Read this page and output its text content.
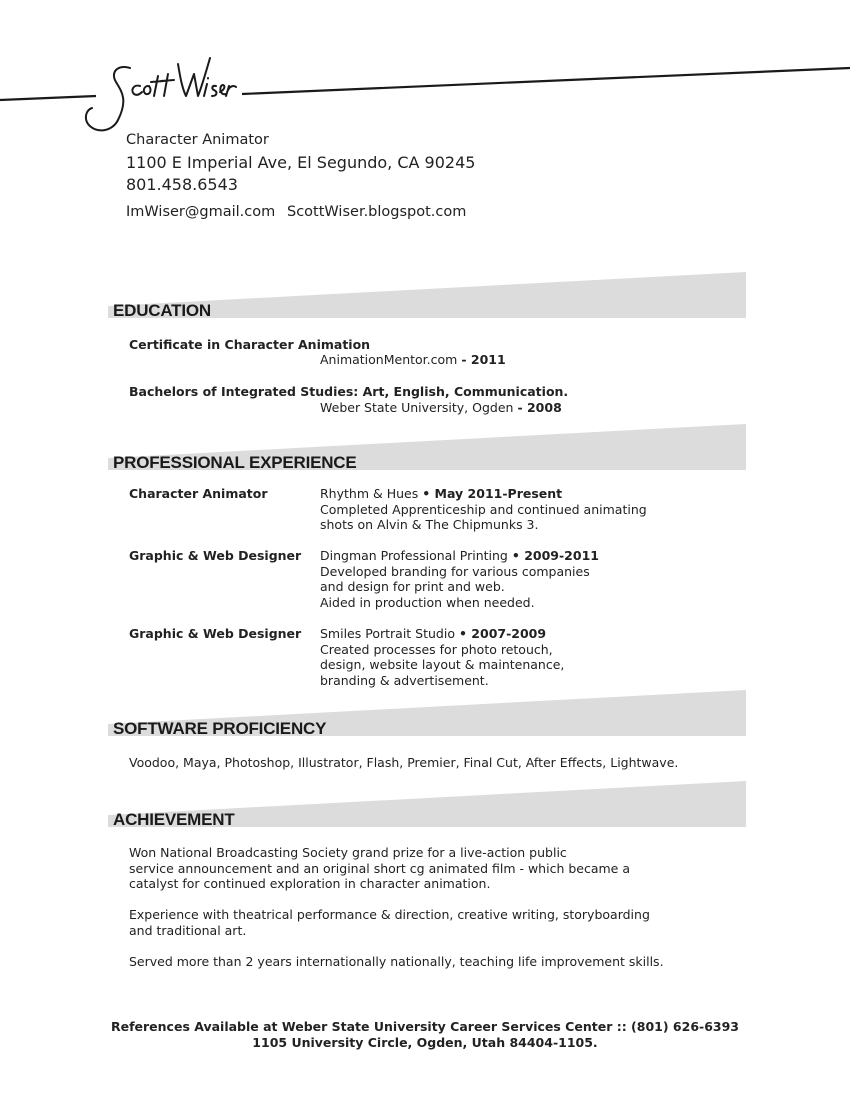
Character Animator
1100 E Imperial Ave, El Segundo, CA 90245
801.458.6543
ImWiser@gmail.com ScottWiser.blogspot.com
EDUCATION
Certificate in Character Animation
AnimationMentor.com - 2011
Bachelors of Integrated Studies: Art, English, Communication.
Weber State University, Ogden - 2008
PROFESSIONAL EXPERIENCE
Character Animator	Rhythm & Hues • May 2011-Present
Completed Apprenticeship and continued animating
shots on Alvin & The Chipmunks 3.
Graphic & Web Designer Dingman Professional Printing • 2009-2011
Developed branding for various companies
and design for print and web.
Aided in production when needed.
Graphic & Web Designer Smiles Portrait Studio • 2007-2009
Created processes for photo retouch,
design, website layout & maintenance,
branding & advertisement.
SOFTWARE PROFICIENCY
Voodoo, Maya, Photoshop, Illustrator, Flash, Premier, Final Cut, After Effects, Lightwave.
ACHIEVEMENT
Won National Broadcasting Society grand prize for a live-action public
service announcement and an original short cg animated film - which became a
catalyst for continued exploration in character animation.
Experience with theatrical performance & direction, creative writing, storyboarding
and traditional art.
Served more than 2 years internationally nationally, teaching life improvement skills.
References Available at Weber State University Career Services Center :: (801) 626-6393
1105 University Circle, Ogden, Utah 84404-1105.
